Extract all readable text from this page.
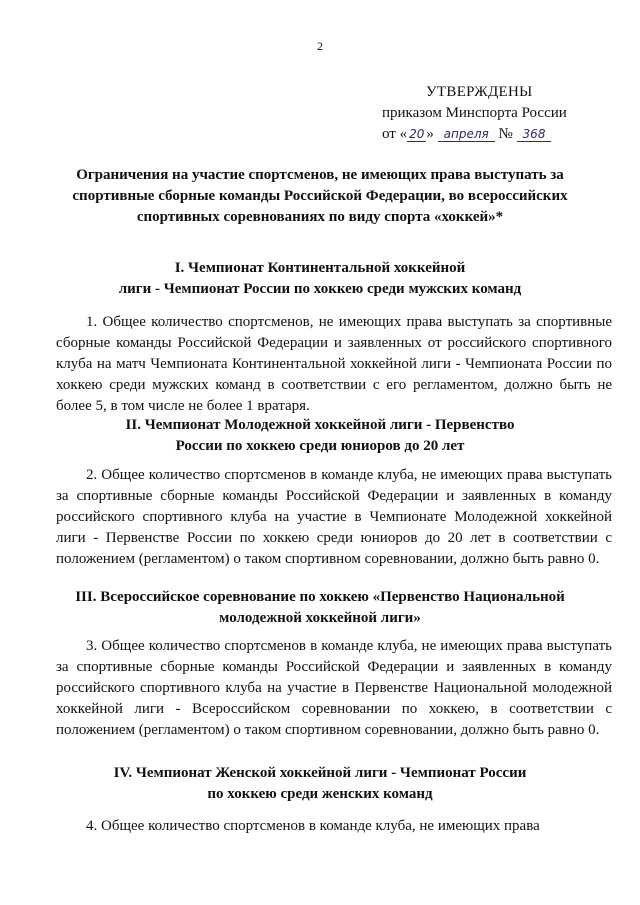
2
УТВЕРЖДЕНЫ
приказом Минспорта России
от « 20 » апреля № 368
Ограничения на участие спортсменов, не имеющих права выступать за спортивные сборные команды Российской Федерации, во всероссийских спортивных соревнованиях по виду спорта «хоккей»*
I. Чемпионат Континентальной хоккейной
лиги - Чемпионат России по хоккею среди мужских команд
1. Общее количество спортсменов, не имеющих права выступать за спортивные сборные команды Российской Федерации и заявленных от российского спортивного клуба на матч Чемпионата Континентальной хоккейной лиги - Чемпионата России по хоккею среди мужских команд в соответствии с его регламентом, должно быть не более 5, в том числе не более 1 вратаря.
II. Чемпионат Молодежной хоккейной лиги - Первенство
России по хоккею среди юниоров до 20 лет
2. Общее количество спортсменов в команде клуба, не имеющих права выступать за спортивные сборные команды Российской Федерации и заявленных в команду российского спортивного клуба на участие в Чемпионате Молодежной хоккейной лиги - Первенстве России по хоккею среди юниоров до 20 лет в соответствии с положением (регламентом) о таком спортивном соревновании, должно быть равно 0.
III. Всероссийское соревнование по хоккею «Первенство Национальной
молодежной хоккейной лиги»
3. Общее количество спортсменов в команде клуба, не имеющих права выступать за спортивные сборные команды Российской Федерации и заявленных в команду российского спортивного клуба на участие в Первенстве Национальной молодежной хоккейной лиги - Всероссийском соревновании по хоккею, в соответствии с положением (регламентом) о таком спортивном соревновании, должно быть равно 0.
IV. Чемпионат Женской хоккейной лиги - Чемпионат России
по хоккею среди женских команд
4. Общее количество спортсменов в команде клуба, не имеющих права
